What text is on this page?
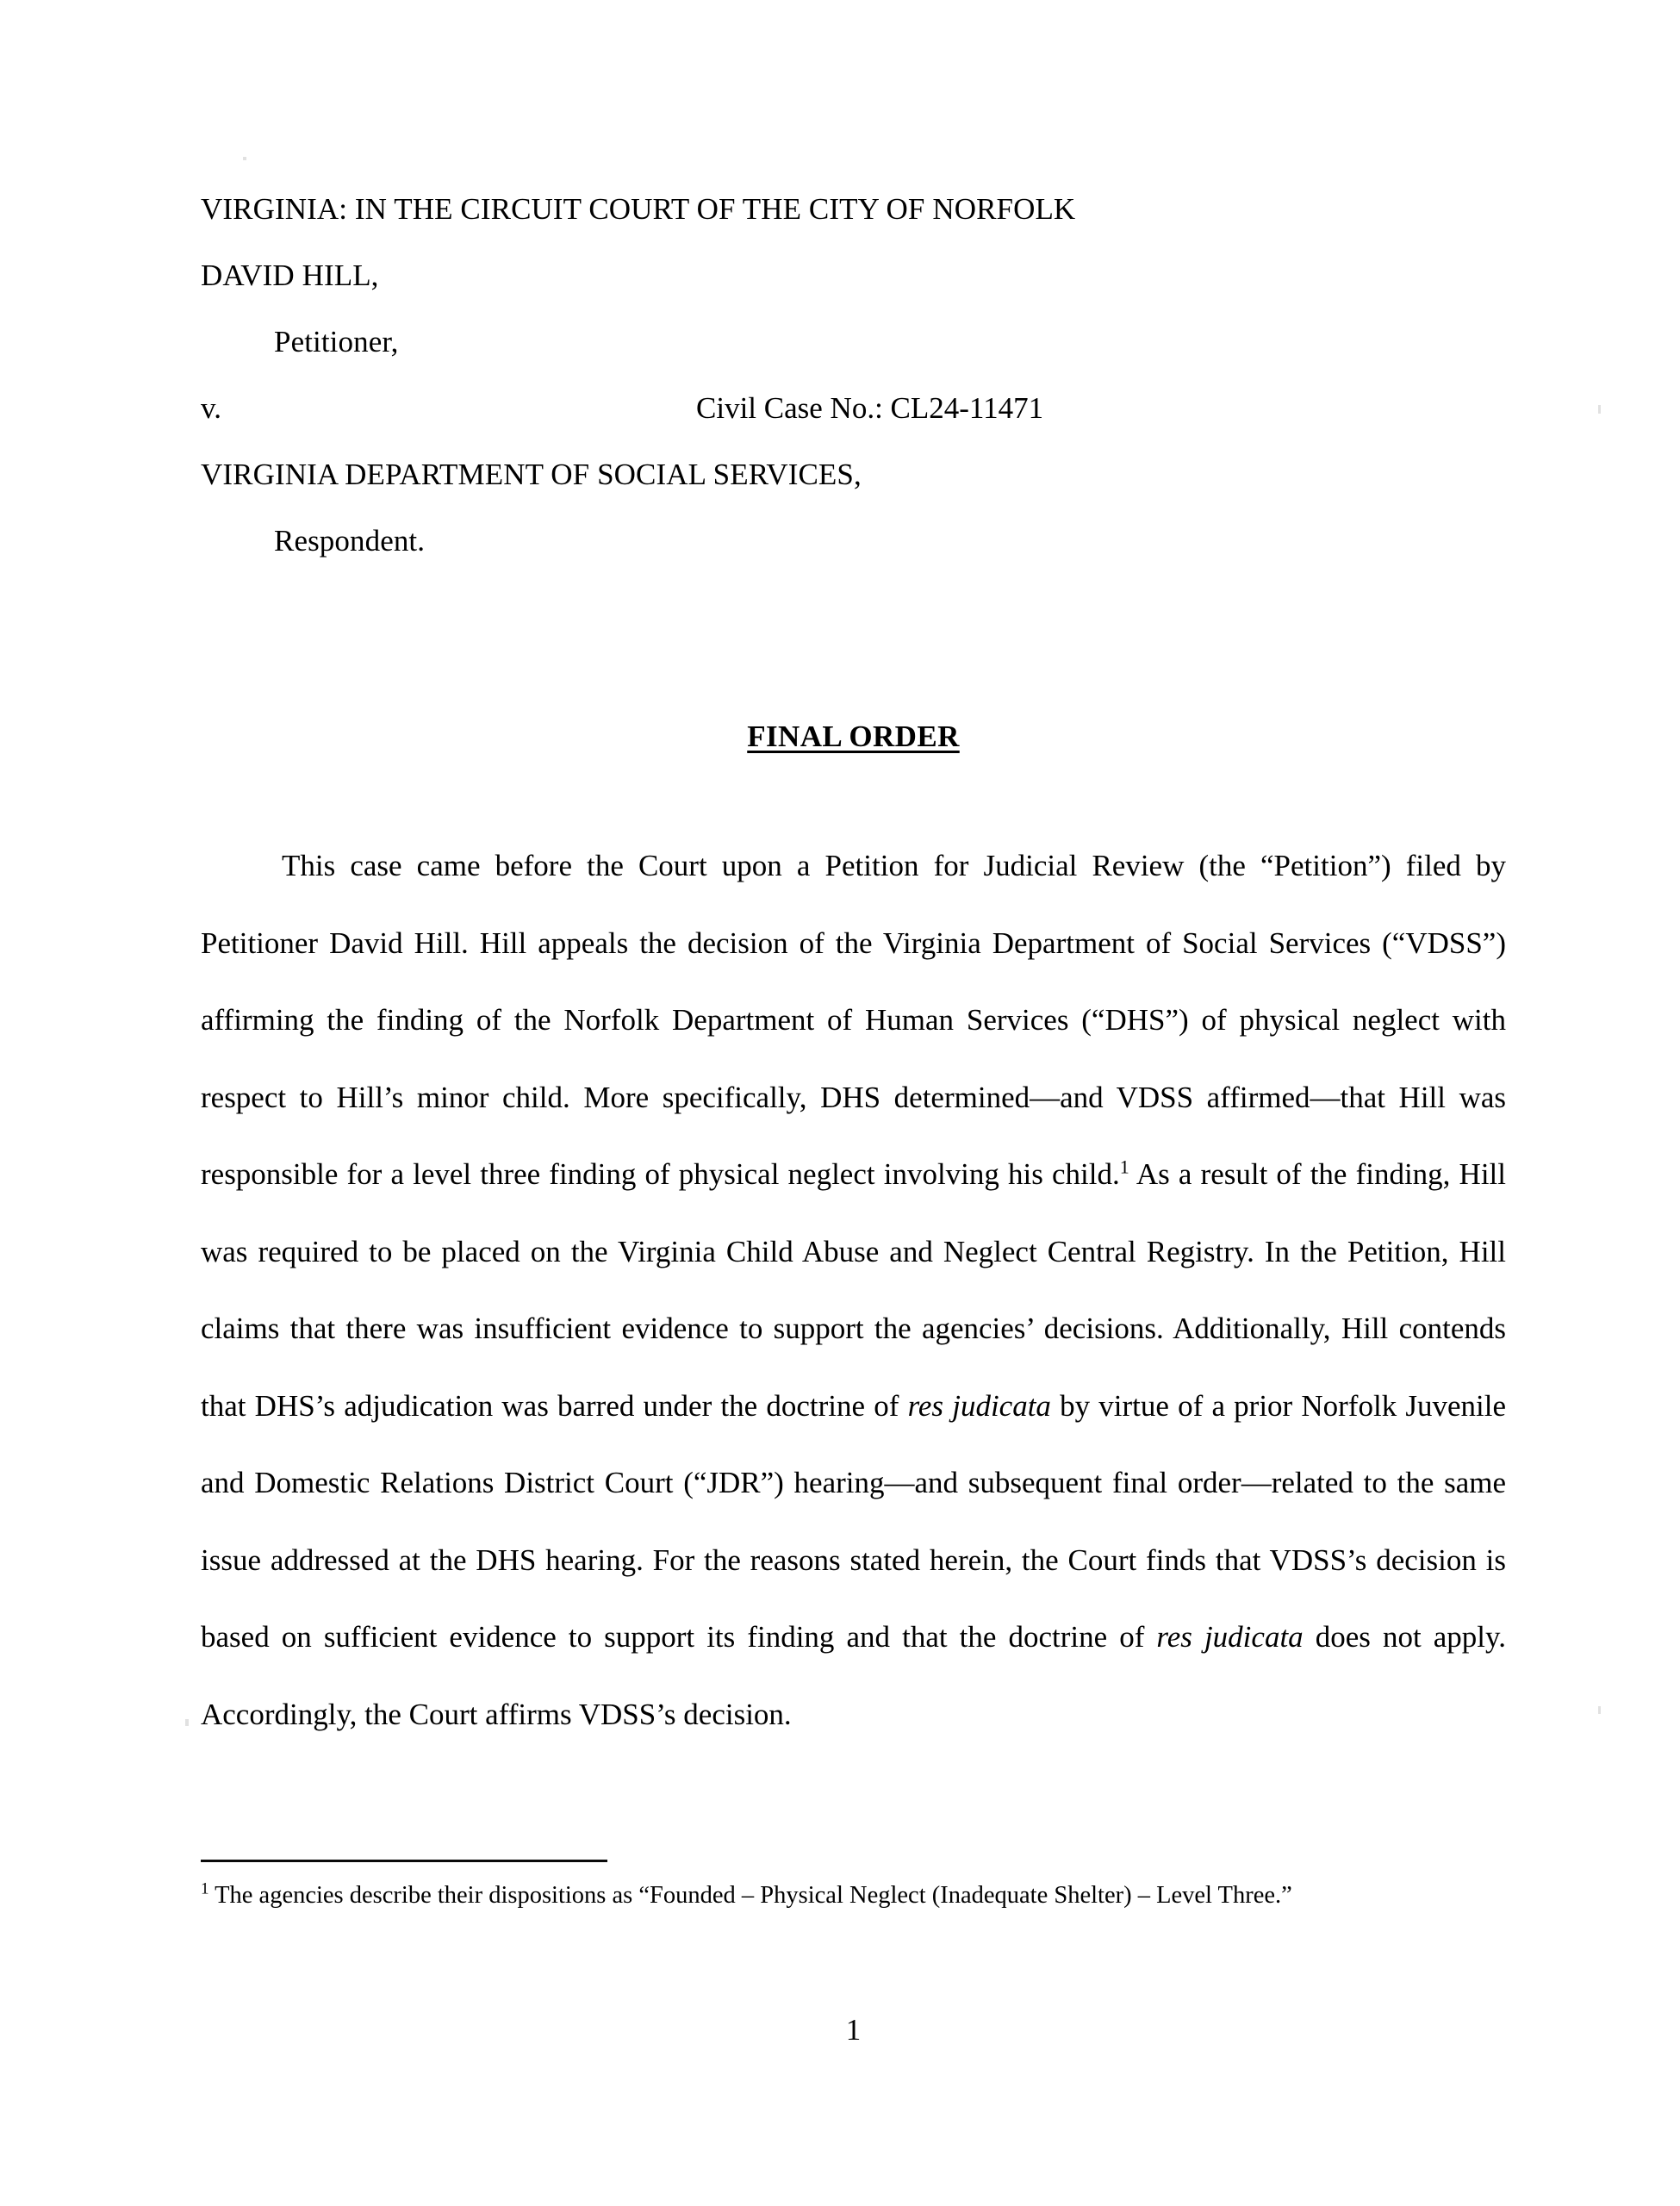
VIRGINIA: IN THE CIRCUIT COURT OF THE CITY OF NORFOLK
DAVID HILL,
Petitioner,
v.	Civil Case No.: CL24-11471
VIRGINIA DEPARTMENT OF SOCIAL SERVICES,
Respondent.
FINAL ORDER

This case came before the Court upon a Petition for Judicial Review (the “Petition”) filed by Petitioner David Hill. Hill appeals the decision of the Virginia Department of Social Services (“VDSS”) affirming the finding of the Norfolk Department of Human Services (“DHS”) of physical neglect with respect to Hill’s minor child. More specifically, DHS determined—and VDSS affirmed—that Hill was responsible for a level three finding of physical neglect involving his child.$^1$ As a result of the finding, Hill was required to be placed on the Virginia Child Abuse and Neglect Central Registry. In the Petition, Hill claims that there was insufficient evidence to support the agencies’ decisions. Additionally, Hill contends that DHS’s adjudication was barred under the doctrine of res judicata by virtue of a prior Norfolk Juvenile and Domestic Relations District Court (“JDR”) hearing—and subsequent final order—related to the same issue addressed at the DHS hearing. For the reasons stated herein, the Court finds that VDSS’s decision is based on sufficient evidence to support its finding and that the doctrine of res judicata does not apply. Accordingly, the Court affirms VDSS’s decision.

$^1$ The agencies describe their dispositions as “Founded – Physical Neglect (Inadequate Shelter) – Level Three.”
1
